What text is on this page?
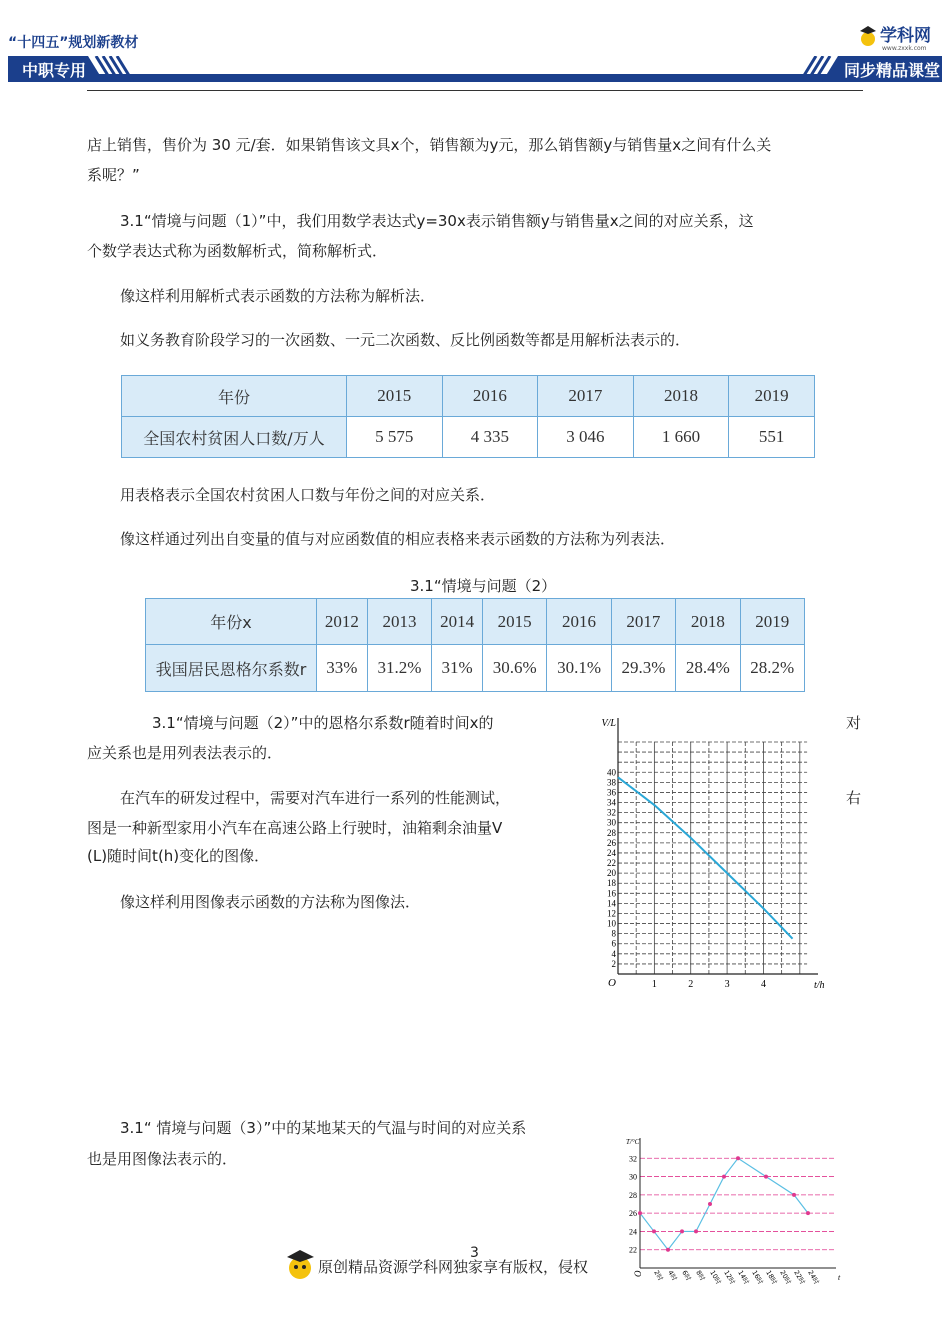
“十四五”规划新教材
中职专用	同步精品课堂
学科网
www.zxxk.com
店上销售，售价为 30 元/套．如果销售该文具x个，销售额为y元，那么销售额y与销售量x之间有什么关
系呢？”
3.1“情境与问题（1）”中，我们用数学表达式y=30x表示销售额y与销售量x之间的对应关系，这
个数学表达式称为函数解析式，简称解析式．
像这样利用解析式表示函数的方法称为解析法．
如义务教育阶段学习的一次函数、一元二次函数、反比例函数等都是用解析法表示的．
年份	2015	2016	2017	2018	2019
全国农村贫困人口数/万人	5 575	4 335	3 046	1 660	551
用表格表示全国农村贫困人口数与年份之间的对应关系．
像这样通过列出自变量的值与对应函数值的相应表格来表示函数的方法称为列表法．
3.1“情境与问题（2）
年份x	2012	2013	2014	2015	2016	2017	2018	2019
我国居民恩格尔系数r	33%	31.2%	31%	30.6%	30.1%	29.3%	28.4%	28.2%
3.1“情境与问题（2）”中的恩格尔系数r随着时间x的	对
应关系也是用列表法表示的．
在汽车的研发过程中，需要对汽车进行一系列的性能测试，	右
图是一种新型家用小汽车在高速公路上行驶时，油箱剩余油量V
(L)随时间t(h)变化的图像．
像这样利用图像表示函数的方法称为图像法．
V/L
t/h
O
2
4
6
8
10
12
14
16
18
20
22
24
26
28
30
32
34
36
38
40
1	2	3	4
3.1“ 情境与问题（3）”中的某地某天的气温与时间的对应关系
也是用图像法表示的．
22
24
26
28
30
32
T/°C
t
O 2时 4时 6时 8时 10时 12时 14时 16时 18时 20时 22时 24时
3
原创精品资源学科网独家享有版权，侵权
